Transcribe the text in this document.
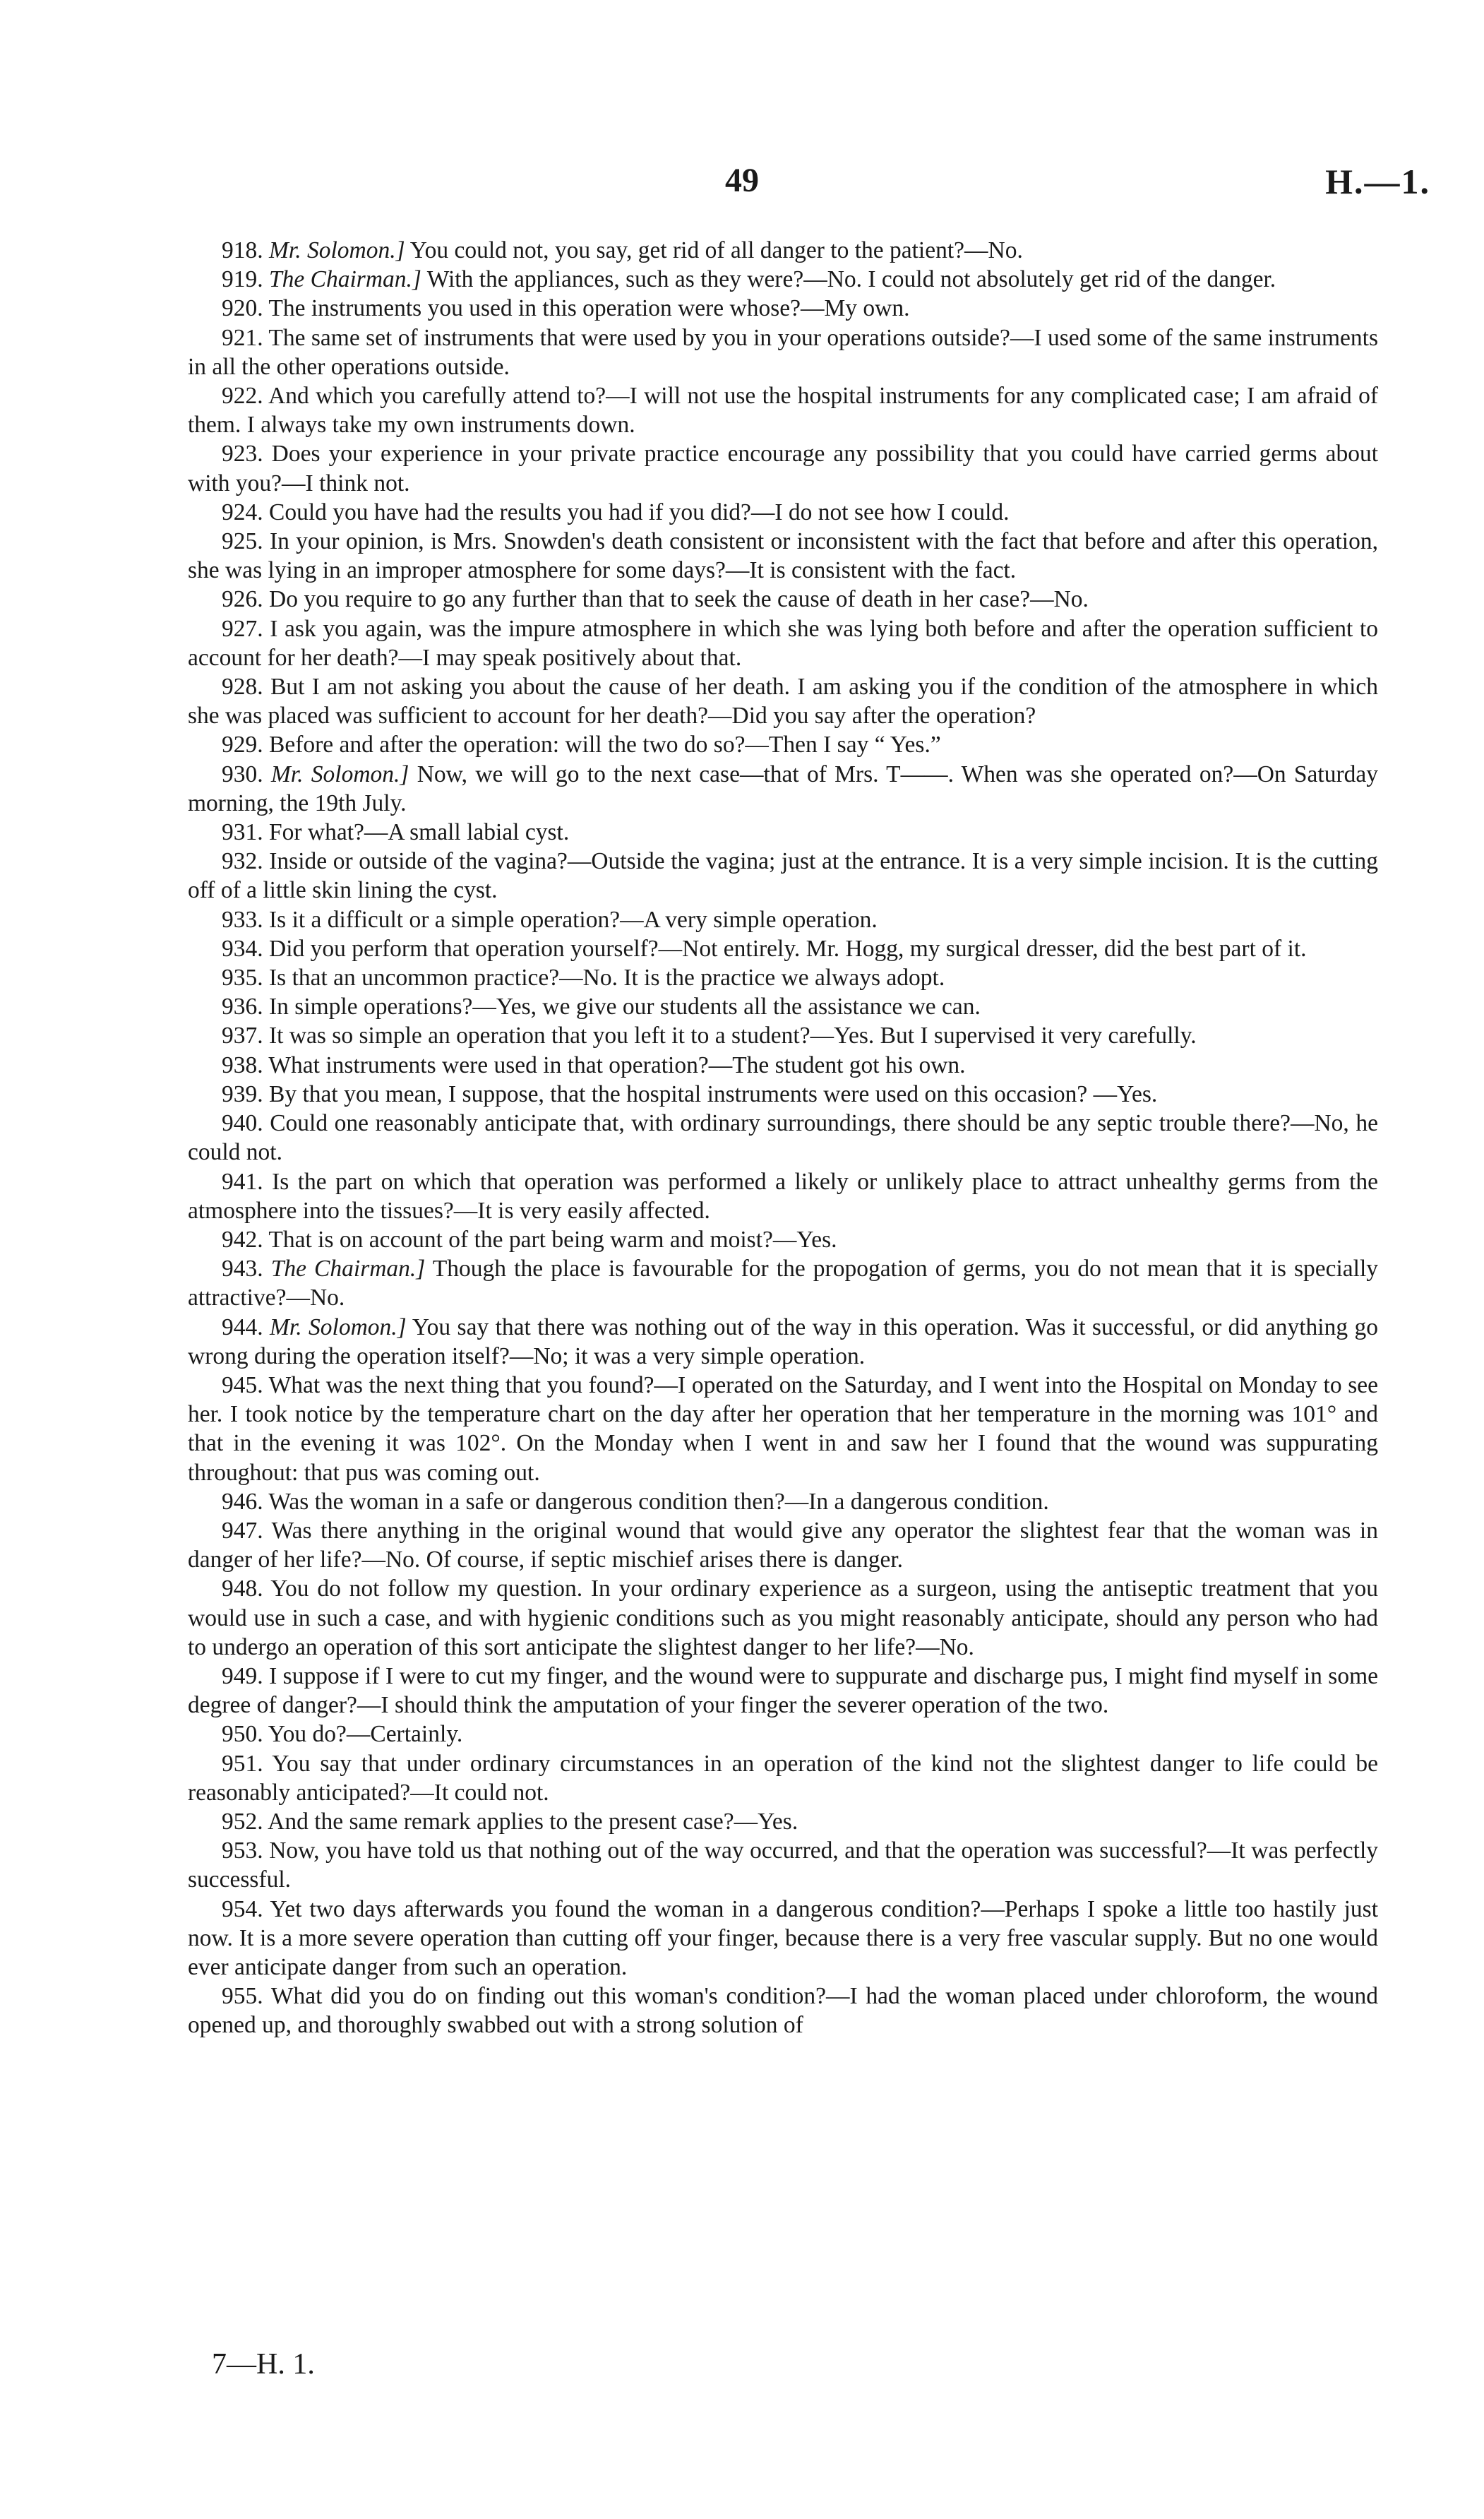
49	H.—1.

918. Mr. Solomon.] You could not, you say, get rid of all danger to the patient?—No.

919. The Chairman.] With the appliances, such as they were?—No. I could not absolutely get rid of the danger.

920. The instruments you used in this operation were whose?—My own.

921. The same set of instruments that were used by you in your operations outside?—I used some of the same instruments in all the other operations outside.

922. And which you carefully attend to?—I will not use the hospital instruments for any complicated case; I am afraid of them. I always take my own instruments down.

923. Does your experience in your private practice encourage any possibility that you could have carried germs about with you?—I think not.

924. Could you have had the results you had if you did?—I do not see how I could.

925. In your opinion, is Mrs. Snowden's death consistent or inconsistent with the fact that before and after this operation, she was lying in an improper atmosphere for some days?—It is consistent with the fact.

926. Do you require to go any further than that to seek the cause of death in her case?—No.

927. I ask you again, was the impure atmosphere in which she was lying both before and after the operation sufficient to account for her death?—I may speak positively about that.

928. But I am not asking you about the cause of her death. I am asking you if the condition of the atmosphere in which she was placed was sufficient to account for her death?—Did you say after the operation?

929. Before and after the operation: will the two do so?—Then I say “ Yes.”

930. Mr. Solomon.] Now, we will go to the next case—that of Mrs. T——. When was she operated on?—On Saturday morning, the 19th July.

931. For what?—A small labial cyst.

932. Inside or outside of the vagina?—Outside the vagina; just at the entrance. It is a very simple incision. It is the cutting off of a little skin lining the cyst.

933. Is it a difficult or a simple operation?—A very simple operation.

934. Did you perform that operation yourself?—Not entirely. Mr. Hogg, my surgical dresser, did the best part of it.

935. Is that an uncommon practice?—No. It is the practice we always adopt.

936. In simple operations?—Yes, we give our students all the assistance we can.

937. It was so simple an operation that you left it to a student?—Yes. But I supervised it very carefully.

938. What instruments were used in that operation?—The student got his own.

939. By that you mean, I suppose, that the hospital instruments were used on this occasion? —Yes.

940. Could one reasonably anticipate that, with ordinary surroundings, there should be any septic trouble there?—No, he could not.

941. Is the part on which that operation was performed a likely or unlikely place to attract unhealthy germs from the atmosphere into the tissues?—It is very easily affected.

942. That is on account of the part being warm and moist?—Yes.

943. The Chairman.] Though the place is favourable for the propogation of germs, you do not mean that it is specially attractive?—No.

944. Mr. Solomon.] You say that there was nothing out of the way in this operation. Was it successful, or did anything go wrong during the operation itself?—No; it was a very simple operation.

945. What was the next thing that you found?—I operated on the Saturday, and I went into the Hospital on Monday to see her. I took notice by the temperature chart on the day after her operation that her temperature in the morning was 101° and that in the evening it was 102°. On the Monday when I went in and saw her I found that the wound was suppurating throughout: that pus was coming out.

946. Was the woman in a safe or dangerous condition then?—In a dangerous condition.

947. Was there anything in the original wound that would give any operator the slightest fear that the woman was in danger of her life?—No. Of course, if septic mischief arises there is danger.

948. You do not follow my question. In your ordinary experience as a surgeon, using the antiseptic treatment that you would use in such a case, and with hygienic conditions such as you might reasonably anticipate, should any person who had to undergo an operation of this sort anticipate the slightest danger to her life?—No.

949. I suppose if I were to cut my finger, and the wound were to suppurate and discharge pus, I might find myself in some degree of danger?—I should think the amputation of your finger the severer operation of the two.

950. You do?—Certainly.

951. You say that under ordinary circumstances in an operation of the kind not the slightest danger to life could be reasonably anticipated?—It could not.

952. And the same remark applies to the present case?—Yes.

953. Now, you have told us that nothing out of the way occurred, and that the operation was successful?—It was perfectly successful.

954. Yet two days afterwards you found the woman in a dangerous condition?—Perhaps I spoke a little too hastily just now. It is a more severe operation than cutting off your finger, because there is a very free vascular supply. But no one would ever anticipate danger from such an operation.

955. What did you do on finding out this woman's condition?—I had the woman placed under chloroform, the wound opened up, and thoroughly swabbed out with a strong solution of

7—H. 1.
